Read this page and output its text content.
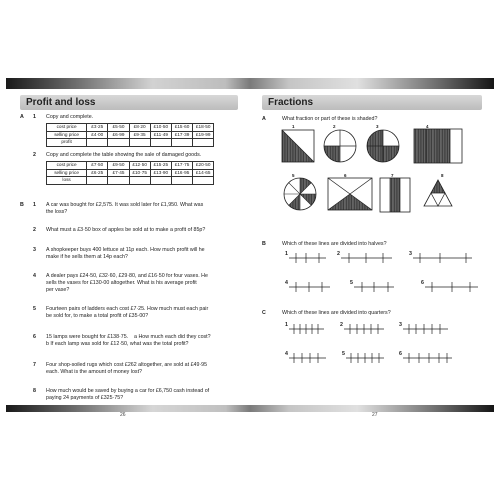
Profit and loss
A 1 Copy and complete.
cost price	£3·25	£5·50	£8·20	£10·50	£15·60	£18·50
selling price	£4·00	£6·99	£9·35	£11·49	£17·39	£19·99
profit						
2 Copy and complete the table showing the sale of damaged goods.
cost price	£7·50	£9·50	£12·50	£15·25	£17·75	£20·50
selling price	£6·25	£7·45	£10·75	£13·90	£16·95	£14·65
loss						
B 1 A car was bought for £2,575. It was sold later for £1,950. What was
the loss?
2 What must a £3·50 box of apples be sold at to make a profit of 85p?
3 A shopkeeper buys 400 lettuce at 11p each. How much profit will he
make if he sells them at 14p each?
4 A dealer pays £24·50, £32·60, £29·80, and £16·50 for four vases. He
sells the vases for £130·00 altogether. What is his average profit
per vase?
5 Fourteen pairs of ladders each cost £7·25. How much must each pair
be sold for, to make a total profit of £35·00?
6 15 lamps were bought for £138·75.    a How much each did they cost?
b If each lamp was sold for £12·50, what was the total profit?
7 Four shop-soiled rugs which cost £262 altogether, are sold at £49·95
each. What is the amount of money lost?
8 How much would be saved by buying a car for £6,750 cash instead of
paying 24 payments of £325·75?
26
Fractions
A	What fraction or part of these is shaded?
1	2	3	4
5	6	7	8
B	Which of these lines are divided into halves?
1	2	3
4	5	6
C	Which of these lines are divided into quarters?
1	2	3
4	5	6
27
